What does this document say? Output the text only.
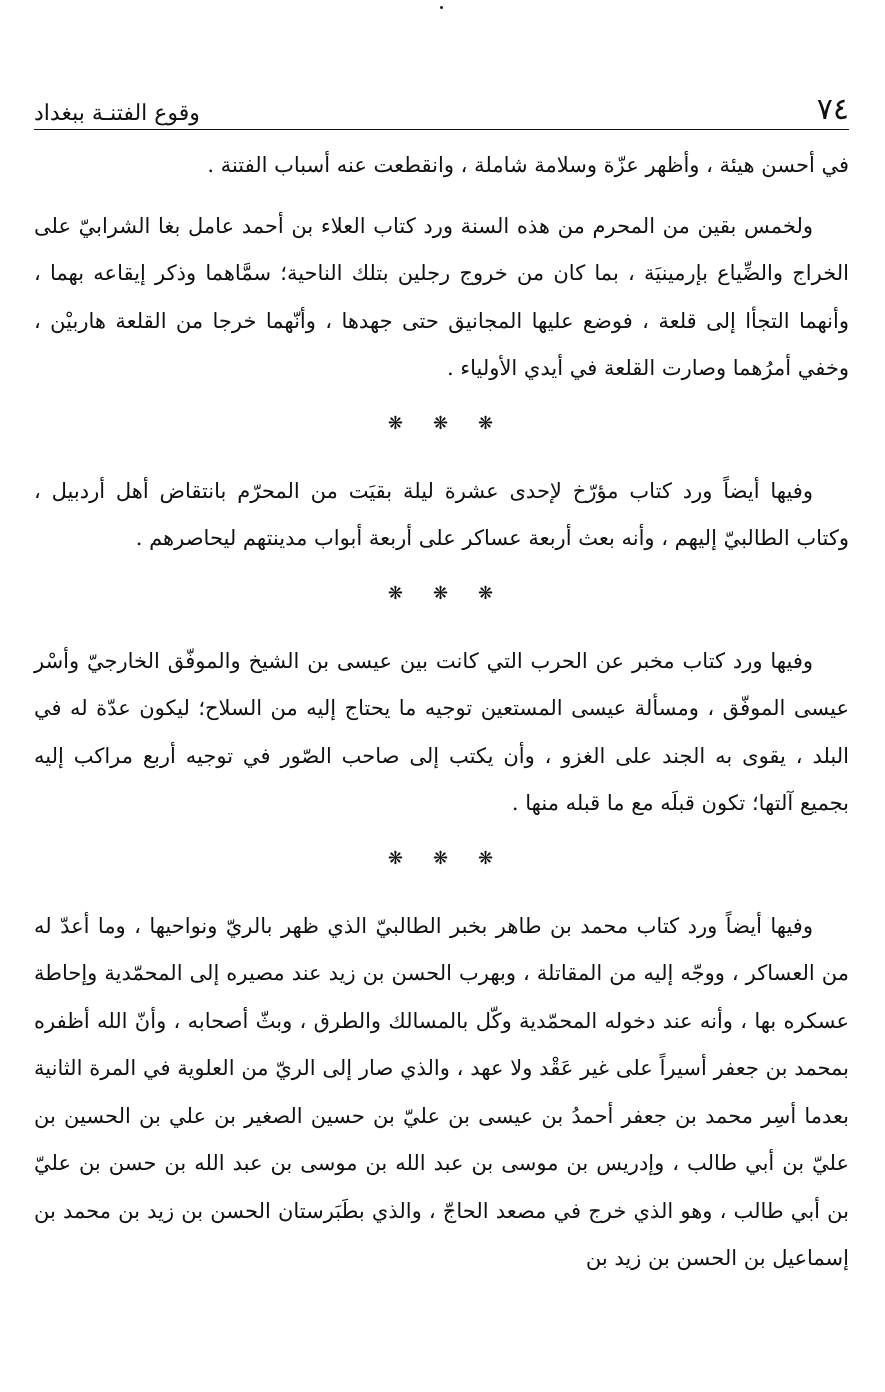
٧٤
وقوع الفتنـة ببغداد

في أحسن هيئة ، وأظهر عزّة وسلامة شاملة ، وانقطعت عنه أسباب الفتنة .

ولخمس بقين من المحرم من هذه السنة ورد كتاب العلاء بن أحمد عامل بغا الشرابيّ على الخراج والضِّياع بإرمينيَة ، بما كان من خروج رجلين بتلك الناحية؛ سمَّاهما وذكر إيقاعه بهما ، وأنهما التجأا إلى قلعة ، فوضع عليها المجانيق حتى جهدها ، وأنّهما خرجا من القلعة هاربيْن ، وخفي أمرُهما وصارت القلعة في أيدي الأولياء .

❋ ❋ ❋

وفيها أيضاً ورد كتاب مؤرّخ لإحدى عشرة ليلة بقيَت من المحرّم بانتقاض أهل أردبيل ، وكتاب الطالبيّ إليهم ، وأنه بعث أربعة عساكر على أربعة أبواب مدينتهم ليحاصرهم .

❋ ❋ ❋

وفيها ورد كتاب مخبر عن الحرب التي كانت بين عيسى بن الشيخ والموفّق الخارجيّ وأسْر عيسى الموفّق ، ومسألة عيسى المستعين توجيه ما يحتاج إليه من السلاح؛ ليكون عدّة له في البلد ، يقوى به الجند على الغزو ، وأن يكتب إلى صاحب الصّور في توجيه أربع مراكب إليه بجميع آلتها؛ تكون قبلَه مع ما قبله منها .

❋ ❋ ❋

وفيها أيضاً ورد كتاب محمد بن طاهر بخبر الطالبيّ الذي ظهر بالريّ ونواحيها ، وما أعدّ له من العساكر ، ووجّه إليه من المقاتلة ، وبهرب الحسن بن زيد عند مصيره إلى المحمّدية وإحاطة عسكره بها ، وأنه عند دخوله المحمّدية وكّل بالمسالك والطرق ، وبثّ أصحابه ، وأنّ الله أظفره بمحمد بن جعفر أسيراً على غير عَقْد ولا عهد ، والذي صار إلى الريّ من العلوية في المرة الثانية بعدما أسِر محمد بن جعفر أحمدُ بن عيسى بن عليّ بن حسين الصغير بن علي بن الحسين بن عليّ بن أبي طالب ، وإدريس بن موسى بن عبد الله بن موسى بن عبد الله بن حسن بن عليّ بن أبي طالب ، وهو الذي خرج في مصعد الحاجّ ، والذي بطَبَرستان الحسن بن زيد بن محمد بن إسماعيل بن الحسن بن زيد بن
